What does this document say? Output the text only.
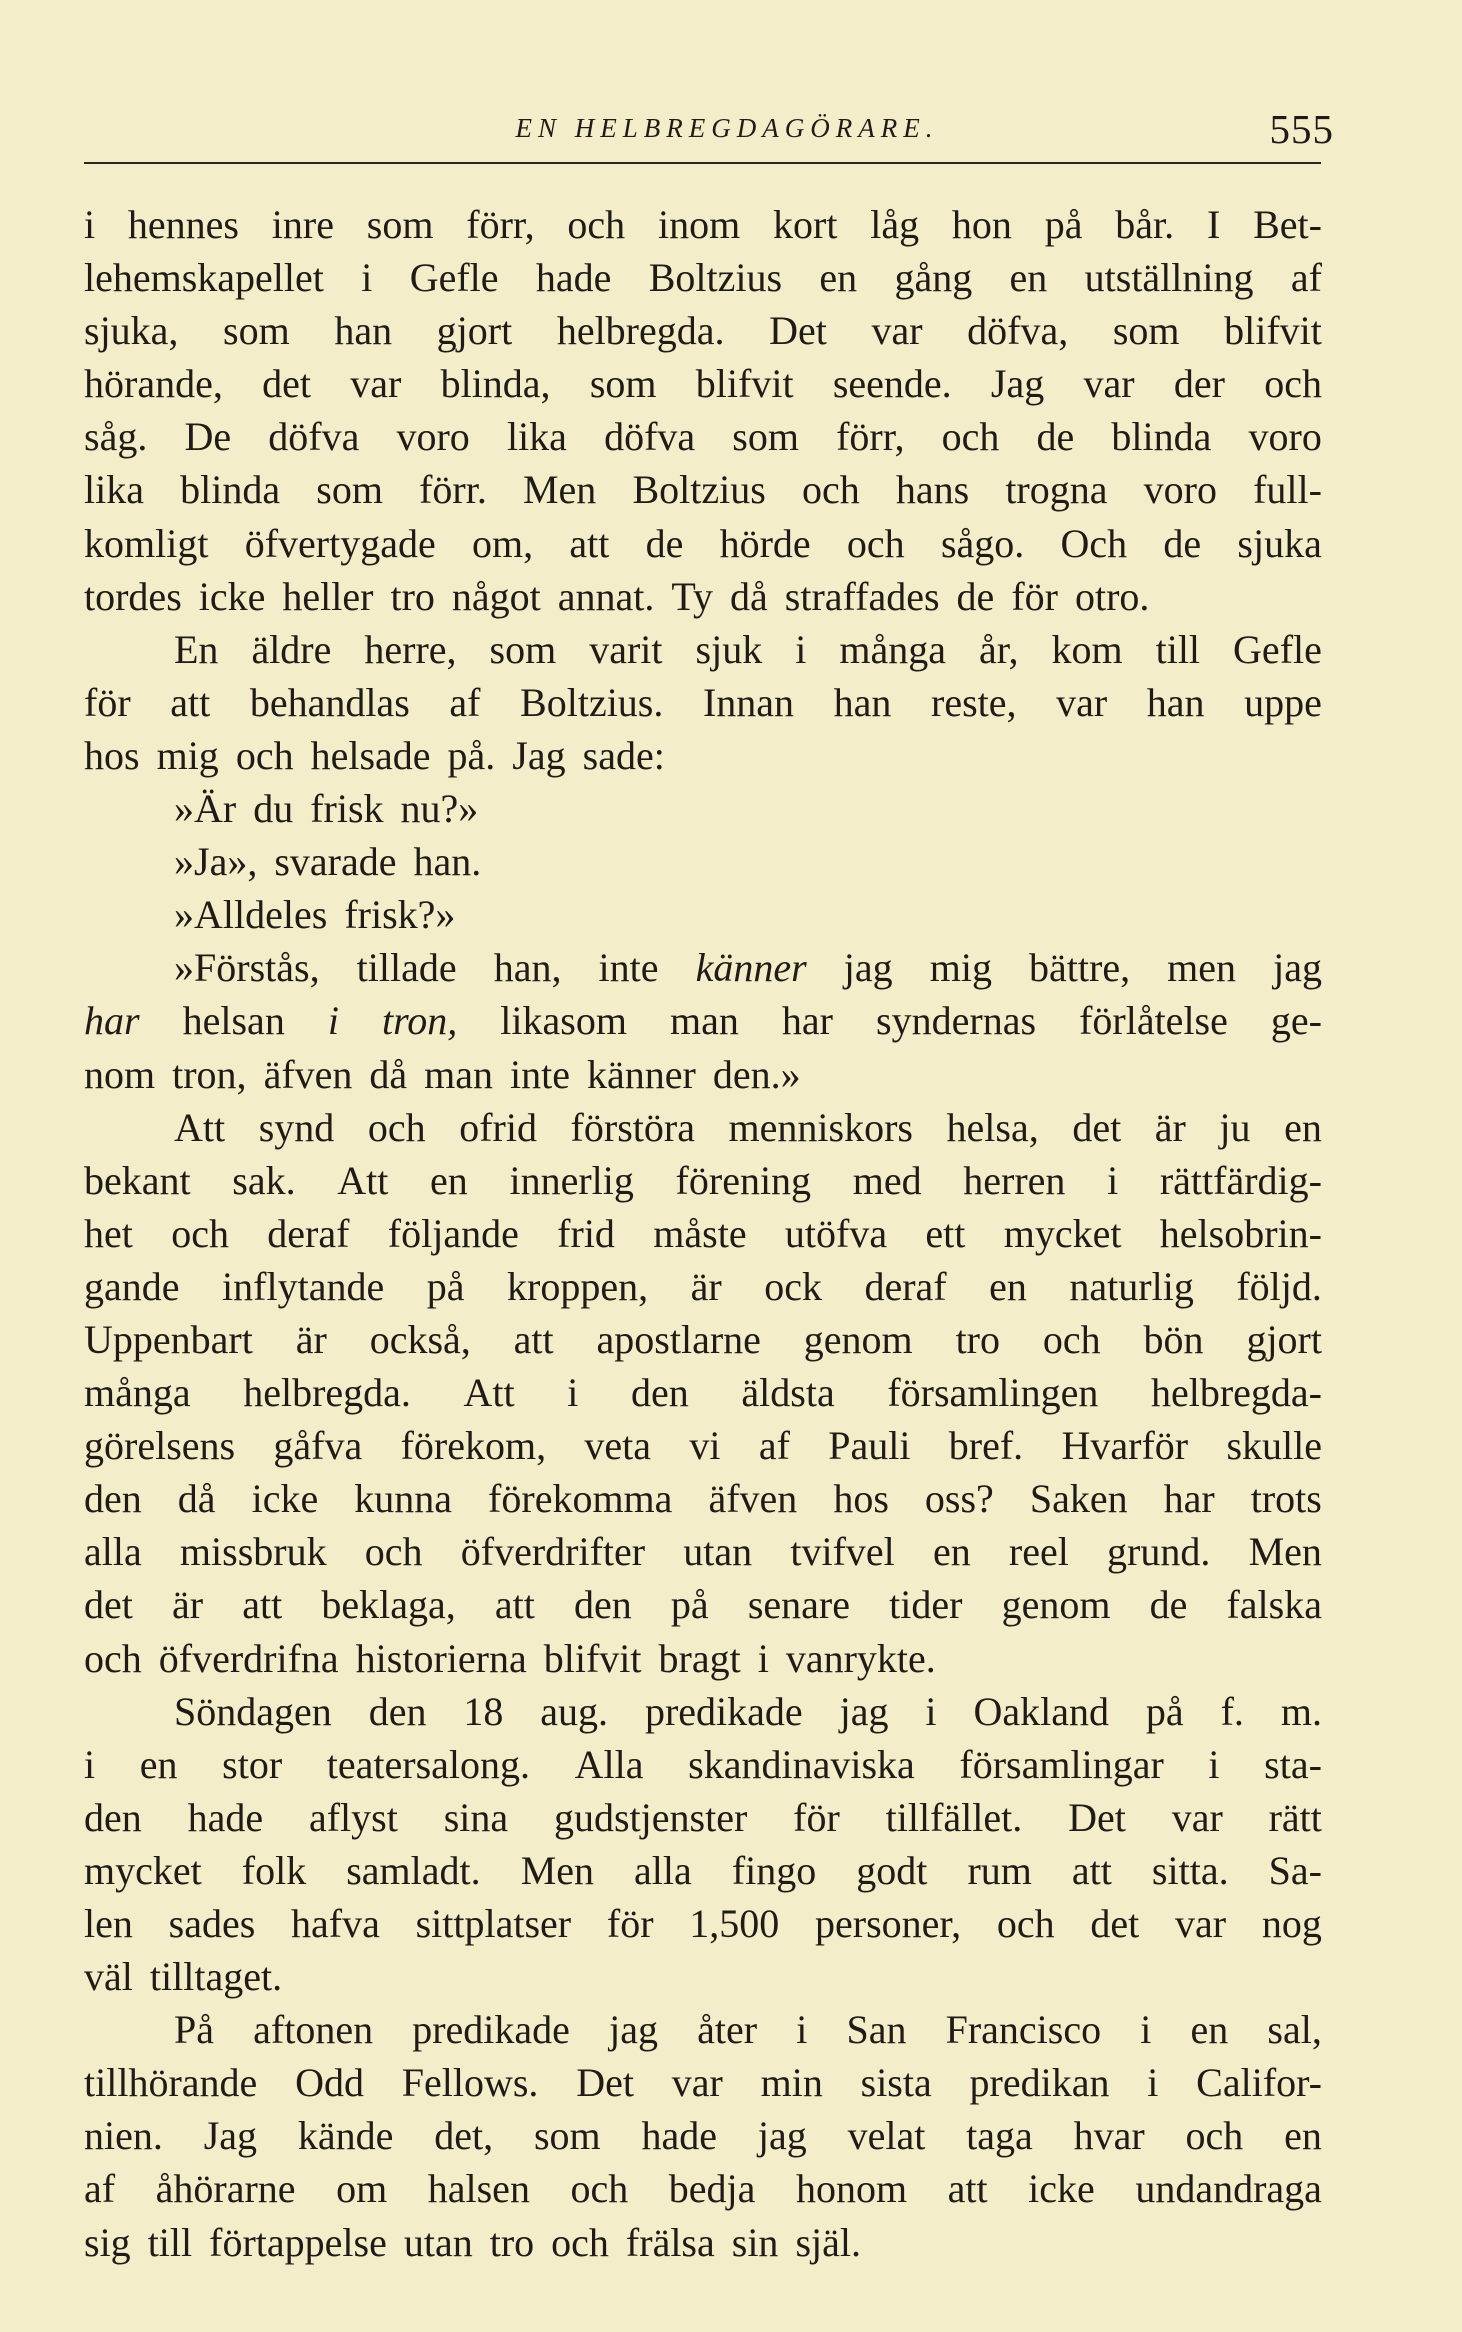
EN HELBREGDAGÖRARE.	555
i hennes inre som förr, och inom kort låg hon på bår. I Bet-
lehemskapellet i Gefle hade Boltzius en gång en utställning af
sjuka, som han gjort helbregda. Det var döfva, som blifvit
hörande, det var blinda, som blifvit seende. Jag var der och
såg. De döfva voro lika döfva som förr, och de blinda voro
lika blinda som förr. Men Boltzius och hans trogna voro full-
komligt öfvertygade om, att de hörde och sågo. Och de sjuka
tordes icke heller tro något annat. Ty då straffades de för otro.
En äldre herre, som varit sjuk i många år, kom till Gefle
för att behandlas af Boltzius. Innan han reste, var han uppe
hos mig och helsade på. Jag sade:
»Är du frisk nu?»
»Ja», svarade han.
»Alldeles frisk?»
»Förstås, tillade han, inte känner jag mig bättre, men jag
har helsan i tron, likasom man har syndernas förlåtelse ge-
nom tron, äfven då man inte känner den.»
Att synd och ofrid förstöra menniskors helsa, det är ju en
bekant sak. Att en innerlig förening med herren i rättfärdig-
het och deraf följande frid måste utöfva ett mycket helsobrin-
gande inflytande på kroppen, är ock deraf en naturlig följd.
Uppenbart är också, att apostlarne genom tro och bön gjort
många helbregda. Att i den äldsta församlingen helbregda-
görelsens gåfva förekom, veta vi af Pauli bref. Hvarför skulle
den då icke kunna förekomma äfven hos oss? Saken har trots
alla missbruk och öfverdrifter utan tvifvel en reel grund. Men
det är att beklaga, att den på senare tider genom de falska
och öfverdrifna historierna blifvit bragt i vanrykte.
Söndagen den 18 aug. predikade jag i Oakland på f. m.
i en stor teatersalong. Alla skandinaviska församlingar i sta-
den hade aflyst sina gudstjenster för tillfället. Det var rätt
mycket folk samladt. Men alla fingo godt rum att sitta. Sa-
len sades hafva sittplatser för 1,500 personer, och det var nog
väl tilltaget.
På aftonen predikade jag åter i San Francisco i en sal,
tillhörande Odd Fellows. Det var min sista predikan i Califor-
nien. Jag kände det, som hade jag velat taga hvar och en
af åhörarne om halsen och bedja honom att icke undandraga
sig till förtappelse utan tro och frälsa sin själ.
